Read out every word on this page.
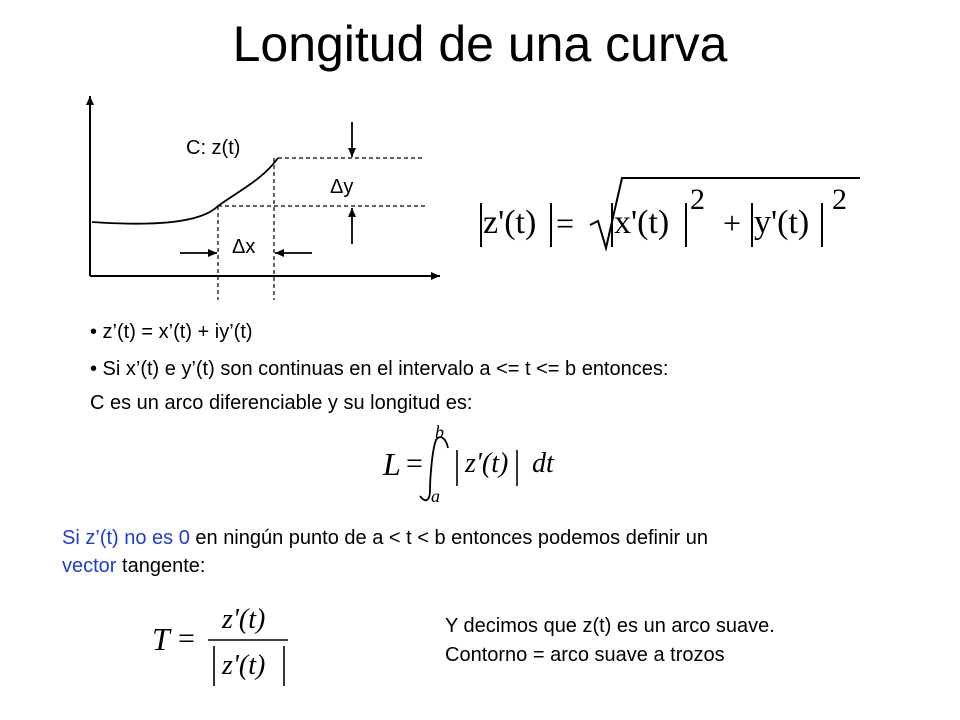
Longitud de una curva
C: z(t)
Δy
Δx
z'(t) = x'(t)
2
+ y'(t)
2
• z’(t) = x’(t) + iy’(t)
• Si x’(t) e y’(t) son continuas en el intervalo a <= t <= b entonces:
C es un arco diferenciable y su longitud es:
L =
b
a
z'(t) dt
Si z’(t) no es 0 en ningún punto de a < t < b entonces podemos definir un
vector tangente:
T =
z'(t)
z'(t)
Y decimos que z(t) es un arco suave.
Contorno = arco suave a trozos
